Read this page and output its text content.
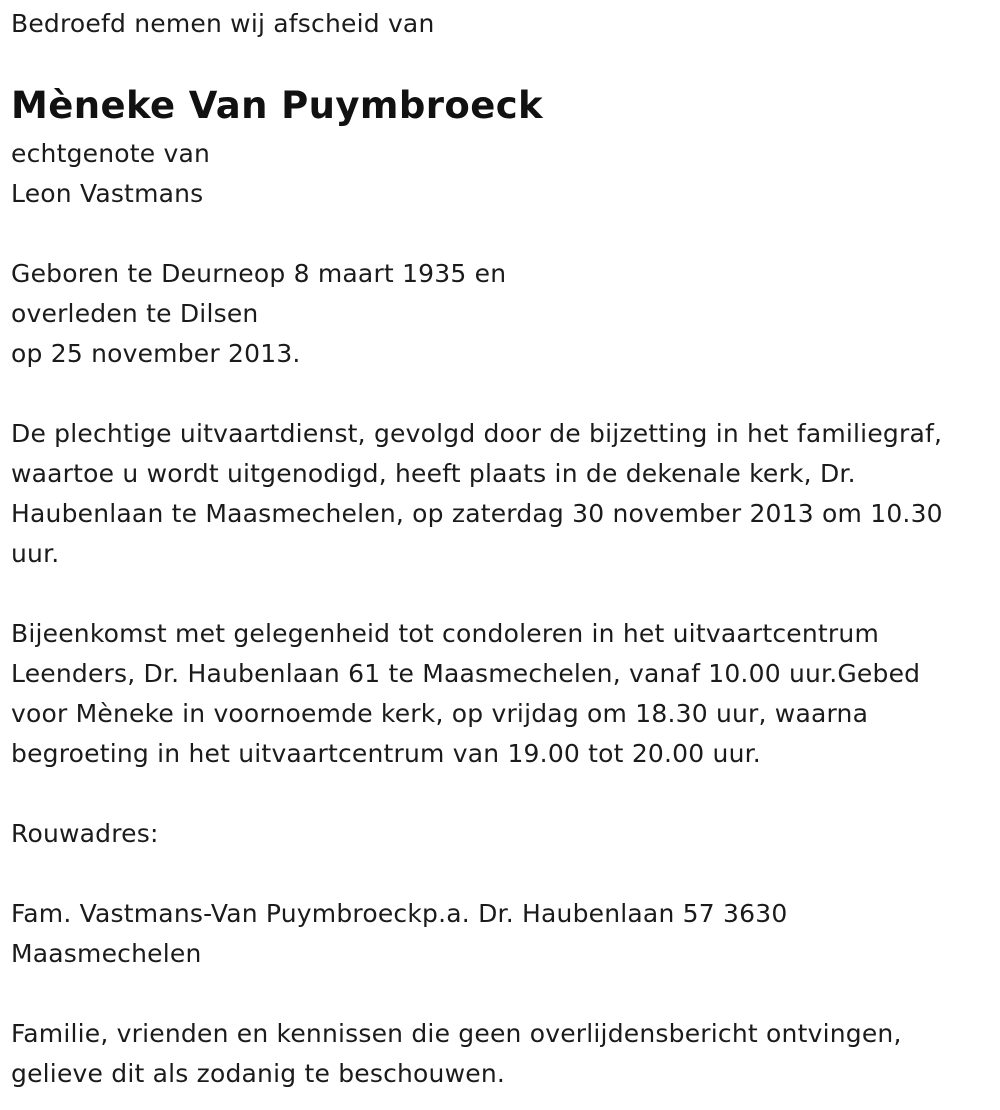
Bedroefd nemen wij afscheid van
Mèneke Van Puymbroeck
echtgenote van
Leon Vastmans
Geboren te Deurneop 8 maart 1935 en
overleden te Dilsen
op 25 november 2013.
De plechtige uitvaartdienst, gevolgd door de bijzetting in het familiegraf,
waartoe u wordt uitgenodigd, heeft plaats in de dekenale kerk, Dr.
Haubenlaan te Maasmechelen, op zaterdag 30 november 2013 om 10.30
uur.
Bijeenkomst met gelegenheid tot condoleren in het uitvaartcentrum
Leenders, Dr. Haubenlaan 61 te Maasmechelen, vanaf 10.00 uur.Gebed
voor Mèneke in voornoemde kerk, op vrijdag om 18.30 uur, waarna
begroeting in het uitvaartcentrum van 19.00 tot 20.00 uur.
Rouwadres:
Fam. Vastmans-Van Puymbroeckp.a. Dr. Haubenlaan 57 3630
Maasmechelen
Familie, vrienden en kennissen die geen overlijdensbericht ontvingen,
gelieve dit als zodanig te beschouwen.
